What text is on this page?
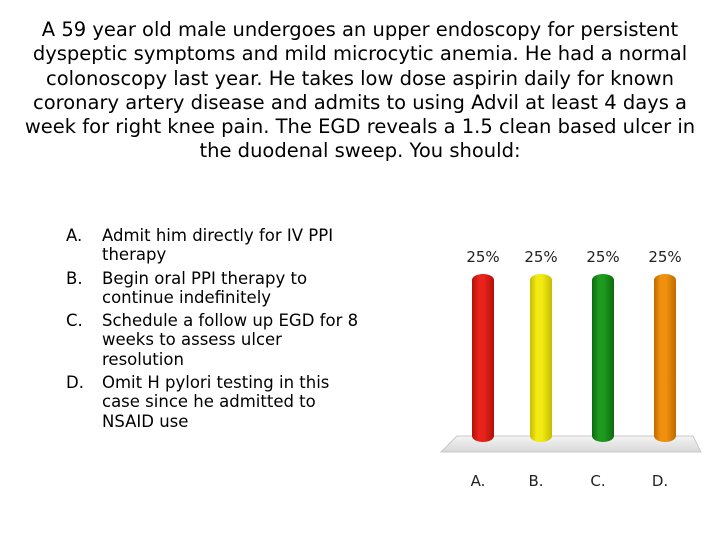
A 59 year old male undergoes an upper endoscopy for persistent dyspeptic symptoms and mild microcytic anemia. He had a normal colonoscopy last year. He takes low dose aspirin daily for known coronary artery disease and admits to using Advil at least 4 days a week for right knee pain. The EGD reveals a 1.5 clean based ulcer in the duodenal sweep. You should:

A. Admit him directly for IV PPI therapy
B. Begin oral PPI therapy to continue indefinitely
C. Schedule a follow up EGD for 8 weeks to assess ulcer resolution
D. Omit H pylori testing in this case since he admitted to NSAID use
25% 25% 25% 25%
A.	B.	C.	D.
